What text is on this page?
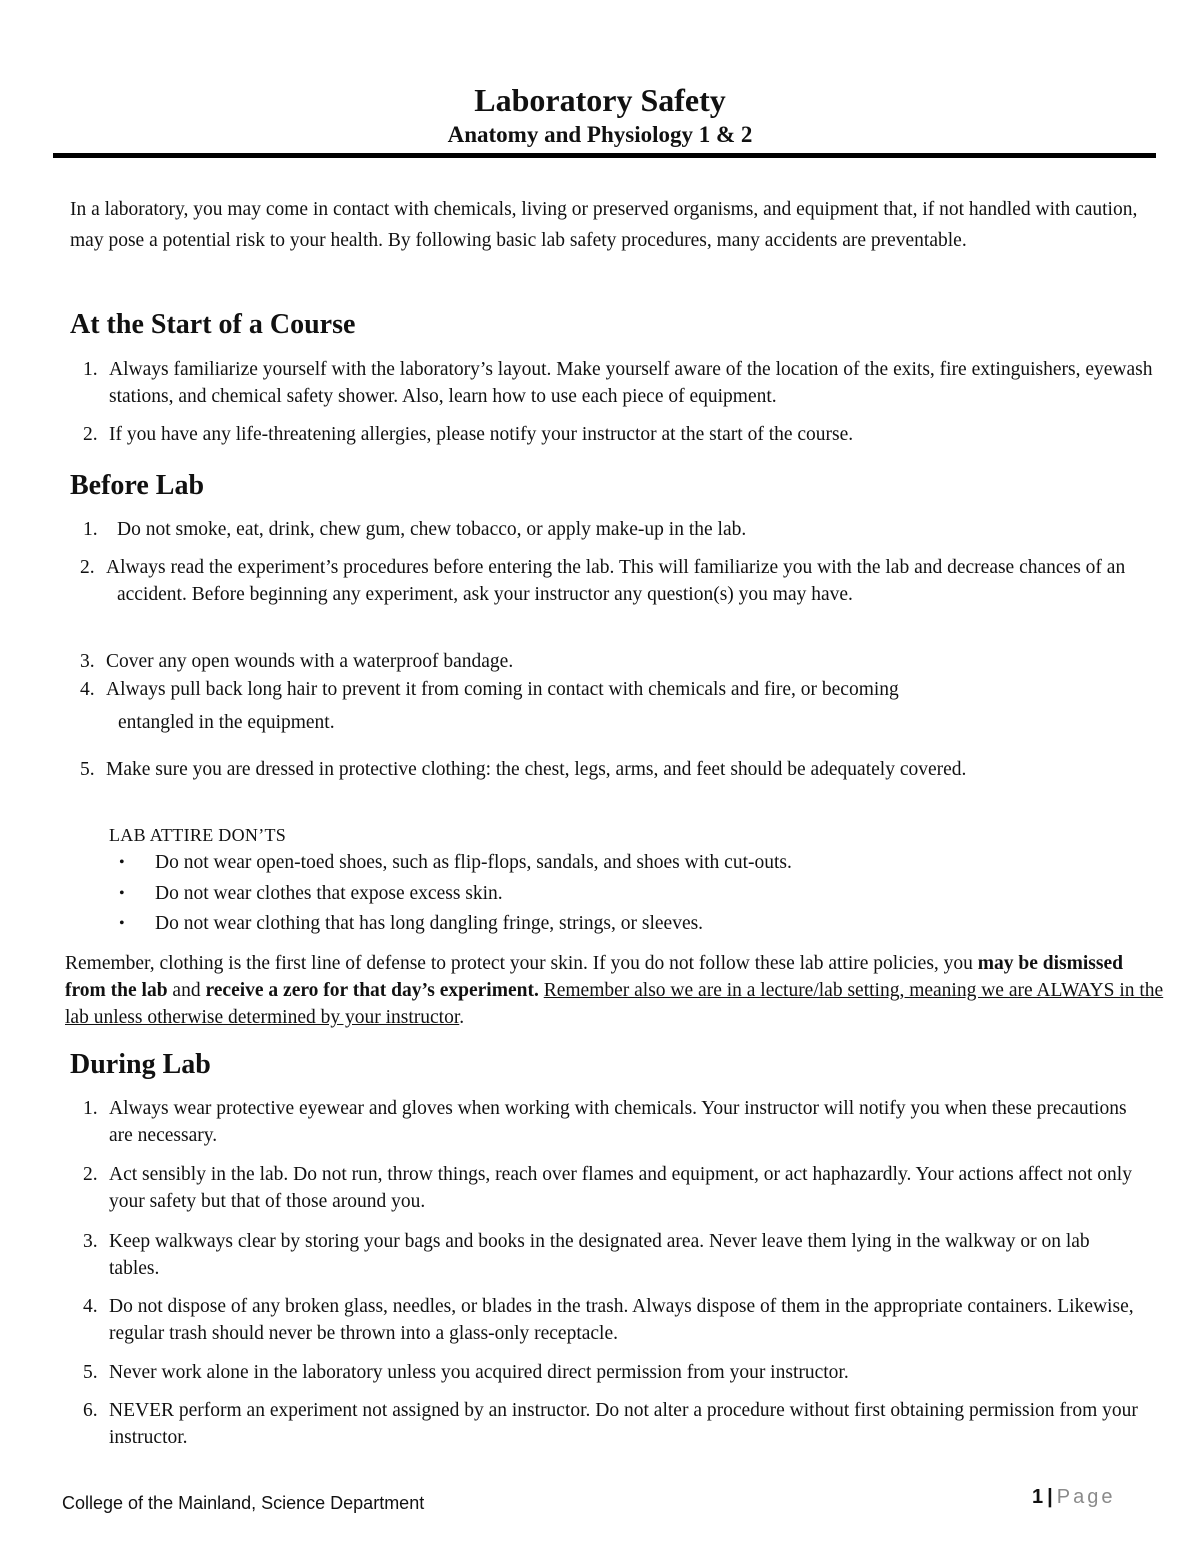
Laboratory Safety
Anatomy and Physiology 1 & 2
In a laboratory, you may come in contact with chemicals, living or preserved organisms, and equipment that, if not handled with caution, may pose a potential risk to your health. By following basic lab safety procedures, many accidents are preventable.
At the Start of a Course
1. Always familiarize yourself with the laboratory’s layout. Make yourself aware of the location of the exits, fire extinguishers, eyewash stations, and chemical safety shower. Also, learn how to use each piece of equipment.
2. If you have any life-threatening allergies, please notify your instructor at the start of the course.
Before Lab
1. Do not smoke, eat, drink, chew gum, chew tobacco, or apply make-up in the lab.
2. Always read the experiment’s procedures before entering the lab. This will familiarize you with the lab and decrease chances of an accident. Before beginning any experiment, ask your instructor any question(s) you may have.
3. Cover any open wounds with a waterproof bandage.
4. Always pull back long hair to prevent it from coming in contact with chemicals and fire, or becoming
entangled in the equipment.
5. Make sure you are dressed in protective clothing: the chest, legs, arms, and feet should be adequately covered.
LAB ATTIRE DON’TS
• Do not wear open-toed shoes, such as flip-flops, sandals, and shoes with cut-outs.
• Do not wear clothes that expose excess skin.
• Do not wear clothing that has long dangling fringe, strings, or sleeves.
Remember, clothing is the first line of defense to protect your skin. If you do not follow these lab attire policies, you may be dismissed from the lab and receive a zero for that day’s experiment. Remember also we are in a lecture/lab setting, meaning we are ALWAYS in the lab unless otherwise determined by your instructor.
During Lab
1. Always wear protective eyewear and gloves when working with chemicals. Your instructor will notify you when these precautions are necessary.
2. Act sensibly in the lab. Do not run, throw things, reach over flames and equipment, or act haphazardly. Your actions affect not only your safety but that of those around you.
3. Keep walkways clear by storing your bags and books in the designated area. Never leave them lying in the walkway or on lab tables.
4. Do not dispose of any broken glass, needles, or blades in the trash. Always dispose of them in the appropriate containers. Likewise, regular trash should never be thrown into a glass-only receptacle.
5. Never work alone in the laboratory unless you acquired direct permission from your instructor.
6. NEVER perform an experiment not assigned by an instructor. Do not alter a procedure without first obtaining permission from your instructor.
College of the Mainland, Science Department	1 | Page
